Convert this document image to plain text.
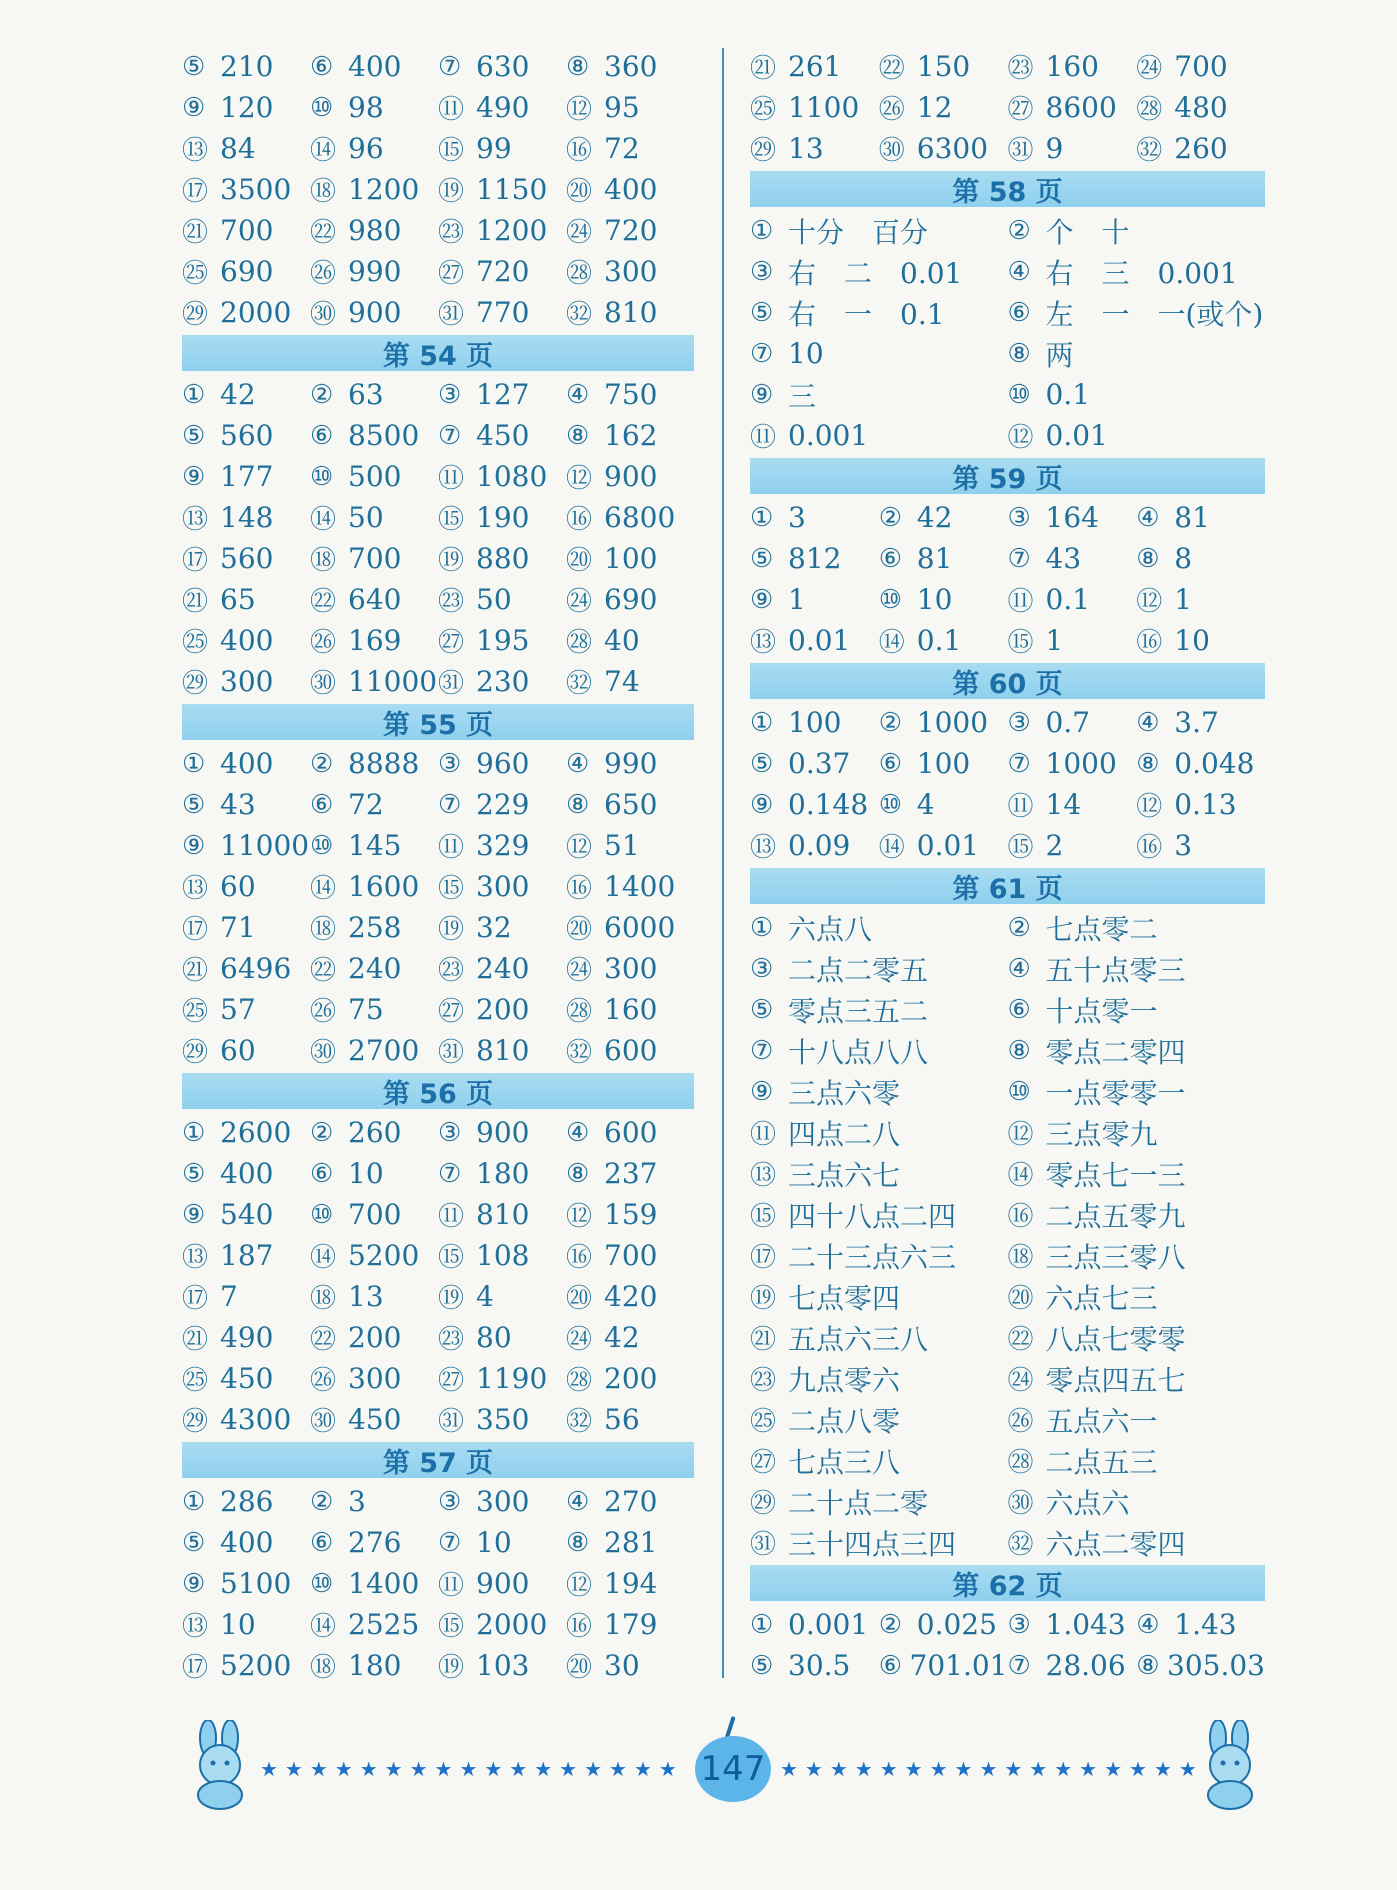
⑤ 210 ⑥ 400 ⑦ 630 ⑧ 360
⑨ 120 ⑩ 98 ⑪ 490 ⑫ 95
⑬ 84 ⑭ 96 ⑮ 99 ⑯ 72
⑰ 3500 ⑱ 1200 ⑲ 1150 ⑳ 400
㉑ 700 ㉒ 980 ㉓ 1200 ㉔ 720
㉕ 690 ㉖ 990 ㉗ 720 ㉘ 300
㉙ 2000 ㉚ 900 ㉛ 770 ㉜ 810
第 54 页
① 42 ② 63 ③ 127 ④ 750
⑤ 560 ⑥ 8500 ⑦ 450 ⑧ 162
⑨ 177 ⑩ 500 ⑪ 1080 ⑫ 900
⑬ 148 ⑭ 50 ⑮ 190 ⑯ 6800
⑰ 560 ⑱ 700 ⑲ 880 ⑳ 100
㉑ 65 ㉒ 640 ㉓ 50 ㉔ 690
㉕ 400 ㉖ 169 ㉗ 195 ㉘ 40
㉙ 300 ㉚ 11000 ㉛ 230 ㉜ 74
第 55 页
① 400 ② 8888 ③ 960 ④ 990
⑤ 43 ⑥ 72 ⑦ 229 ⑧ 650
⑨ 11000 ⑩ 145 ⑪ 329 ⑫ 51
⑬ 60 ⑭ 1600 ⑮ 300 ⑯ 1400
⑰ 71 ⑱ 258 ⑲ 32 ⑳ 6000
㉑ 6496 ㉒ 240 ㉓ 240 ㉔ 300
㉕ 57 ㉖ 75 ㉗ 200 ㉘ 160
㉙ 60 ㉚ 2700 ㉛ 810 ㉜ 600
第 56 页
① 2600 ② 260 ③ 900 ④ 600
⑤ 400 ⑥ 10 ⑦ 180 ⑧ 237
⑨ 540 ⑩ 700 ⑪ 810 ⑫ 159
⑬ 187 ⑭ 5200 ⑮ 108 ⑯ 700
⑰ 7	⑱ 13 ⑲ 4	⑳ 420
㉑ 490 ㉒ 200 ㉓ 80 ㉔ 42
㉕ 450 ㉖ 300 ㉗ 1190 ㉘ 200
㉙ 4300 ㉚ 450 ㉛ 350 ㉜ 56
第 57 页
① 286 ② 3	③ 300 ④ 270
⑤ 400 ⑥ 276 ⑦ 10 ⑧ 281
⑨ 5100 ⑩ 1400 ⑪ 900 ⑫ 194
⑬ 10 ⑭ 2525 ⑮ 2000 ⑯ 179
⑰ 5200 ⑱ 180 ⑲ 103 ⑳ 30
㉑ 261 ㉒ 150 ㉓ 160 ㉔ 700
㉕ 1100 ㉖ 12 ㉗ 8600 ㉘ 480
㉙ 13 ㉚ 6300 ㉛ 9	㉜ 260
第 58 页
① 十分　百分	② 个　十
③ 右　二　0.01 ④ 右　三　0.001
⑤ 右　一　0.1 ⑥ 左　一　一(或个)
⑦ 10	⑧ 两
⑨ 三	⑩ 0.1
⑪ 0.001	⑫ 0.01
第 59 页
① 3	② 42 ③ 164 ④ 81
⑤ 812 ⑥ 81 ⑦ 43 ⑧ 8
⑨ 1	⑩ 10 ⑪ 0.1 ⑫ 1
⑬ 0.01 ⑭ 0.1 ⑮ 1	⑯ 10
第 60 页
① 100 ② 1000 ③ 0.7 ④ 3.7
⑤ 0.37 ⑥ 100 ⑦ 1000 ⑧ 0.048
⑨ 0.148 ⑩ 4	⑪ 14 ⑫ 0.13
⑬ 0.09 ⑭ 0.01 ⑮ 2	⑯ 3
第 61 页
① 六点八	② 七点零二
③ 二点二零五	④ 五十点零三
⑤ 零点三五二	⑥ 十点零一
⑦ 十八点八八	⑧ 零点二零四
⑨ 三点六零	⑩ 一点零零一
⑪ 四点二八	⑫ 三点零九
⑬ 三点六七	⑭ 零点七一三
⑮ 四十八点二四 ⑯ 二点五零九
⑰ 二十三点六三 ⑱ 三点三零八
⑲ 七点零四	⑳ 六点七三
㉑ 五点六三八	㉒ 八点七零零
㉓ 九点零六	㉔ 零点四五七
㉕ 二点八零	㉖ 五点六一
㉗ 七点三八	㉘ 二点五三
㉙ 二十点二零	㉚ 六点六
㉛ 三十四点三四 ㉜ 六点二零四
第 62 页
① 0.001 ② 0.025 ③ 1.043 ④ 1.43
⑤ 30.5 ⑥ 701.01 ⑦ 28.06 ⑧ 305.03
★★★★★★★★★★★★★★★★★ 147 ★★★★★★★★★★★★★★★★★
